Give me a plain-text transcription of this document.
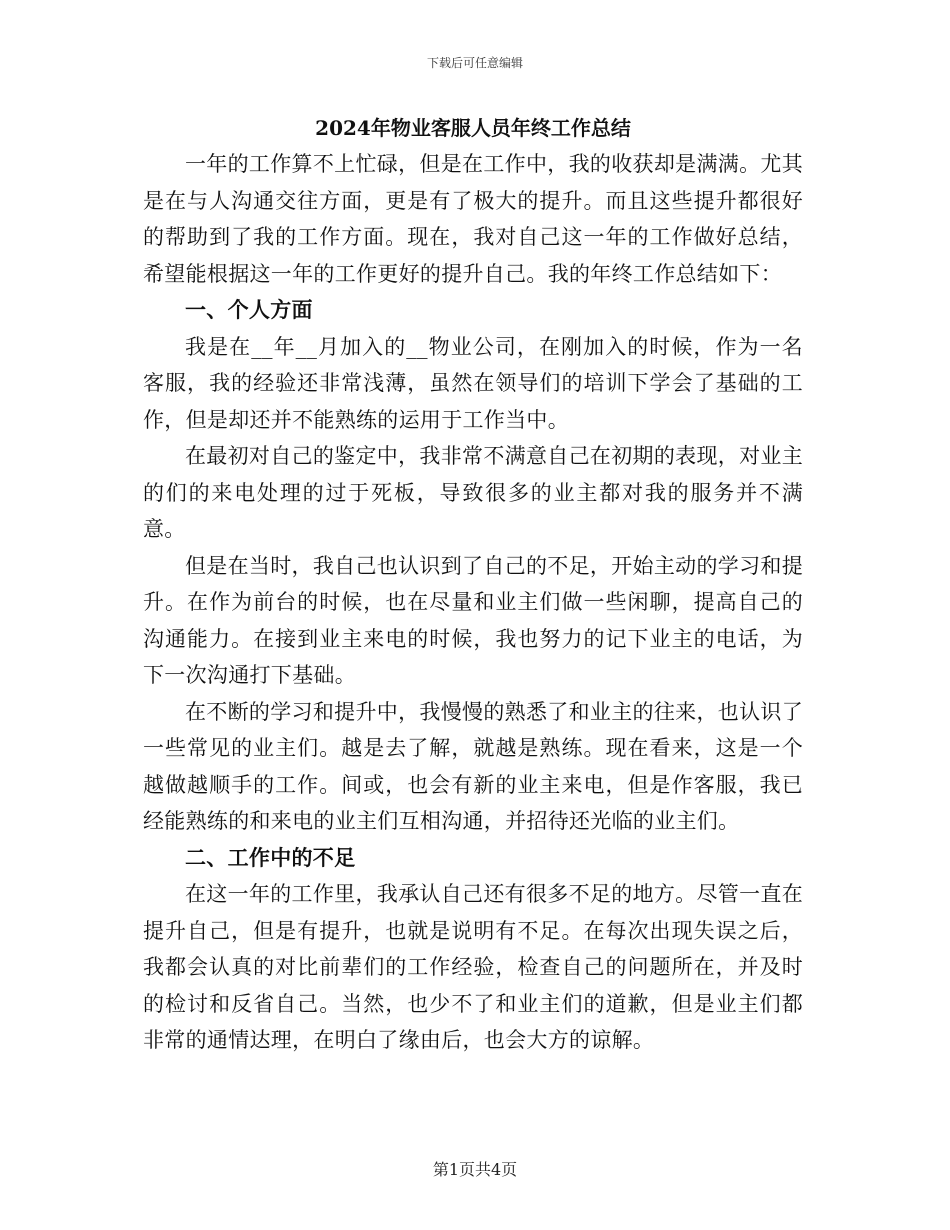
下载后可任意编辑
2024年物业客服人员年终工作总结

一年的工作算不上忙碌，但是在工作中，我的收获却是满满。尤其是在与人沟通交往方面，更是有了极大的提升。而且这些提升都很好的帮助到了我的工作方面。现在，我对自己这一年的工作做好总结，希望能根据这一年的工作更好的提升自己。我的年终工作总结如下：

一、个人方面

我是在__年__月加入的__物业公司，在刚加入的时候，作为一名客服，我的经验还非常浅薄，虽然在领导们的培训下学会了基础的工作，但是却还并不能熟练的运用于工作当中。

在最初对自己的鉴定中，我非常不满意自己在初期的表现，对业主的们的来电处理的过于死板，导致很多的业主都对我的服务并不满意。

但是在当时，我自己也认识到了自己的不足，开始主动的学习和提升。在作为前台的时候，也在尽量和业主们做一些闲聊，提高自己的沟通能力。在接到业主来电的时候，我也努力的记下业主的电话，为下一次沟通打下基础。

在不断的学习和提升中，我慢慢的熟悉了和业主的往来，也认识了一些常见的业主们。越是去了解，就越是熟练。现在看来，这是一个越做越顺手的工作。间或，也会有新的业主来电，但是作客服，我已经能熟练的和来电的业主们互相沟通，并招待还光临的业主们。

二、工作中的不足

在这一年的工作里，我承认自己还有很多不足的地方。尽管一直在提升自己，但是有提升，也就是说明有不足。在每次出现失误之后，我都会认真的对比前辈们的工作经验，检查自己的问题所在，并及时的检讨和反省自己。当然，也少不了和业主们的道歉，但是业主们都非常的通情达理，在明白了缘由后，也会大方的谅解。

第1页共4页
